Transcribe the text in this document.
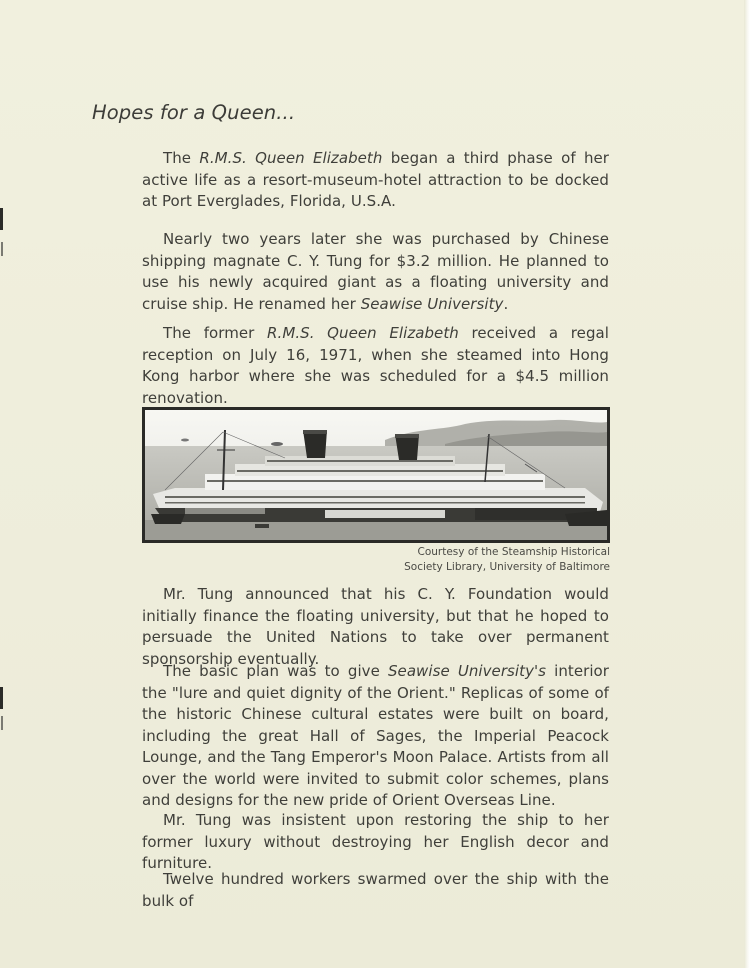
Hopes for a Queen...

The R.M.S. Queen Elizabeth began a third phase of her active life as a resort-museum-hotel attraction to be docked at Port Everglades, Florida, U.S.A.

Nearly two years later she was purchased by Chinese shipping magnate C. Y. Tung for $3.2 million. He planned to use his newly acquired giant as a floating university and cruise ship. He renamed her Seawise University.

The former R.M.S. Queen Elizabeth received a regal reception on July 16, 1971, when she steamed into Hong Kong harbor where she was scheduled for a $4.5 million renovation.

Courtesy of the Steamship Historical
Society Library, University of Baltimore

Mr. Tung announced that his C. Y. Foundation would initially finance the floating university, but that he hoped to persuade the United Nations to take over permanent sponsorship eventually.

The basic plan was to give Seawise University's interior the "lure and quiet dignity of the Orient." Replicas of some of the historic Chinese cultural estates were built on board, including the great Hall of Sages, the Imperial Peacock Lounge, and the Tang Emperor's Moon Palace. Artists from all over the world were invited to submit color schemes, plans and designs for the new pride of Orient Overseas Line.

Mr. Tung was insistent upon restoring the ship to her former luxury without destroying her English decor and furniture.

Twelve hundred workers swarmed over the ship with the bulk of
